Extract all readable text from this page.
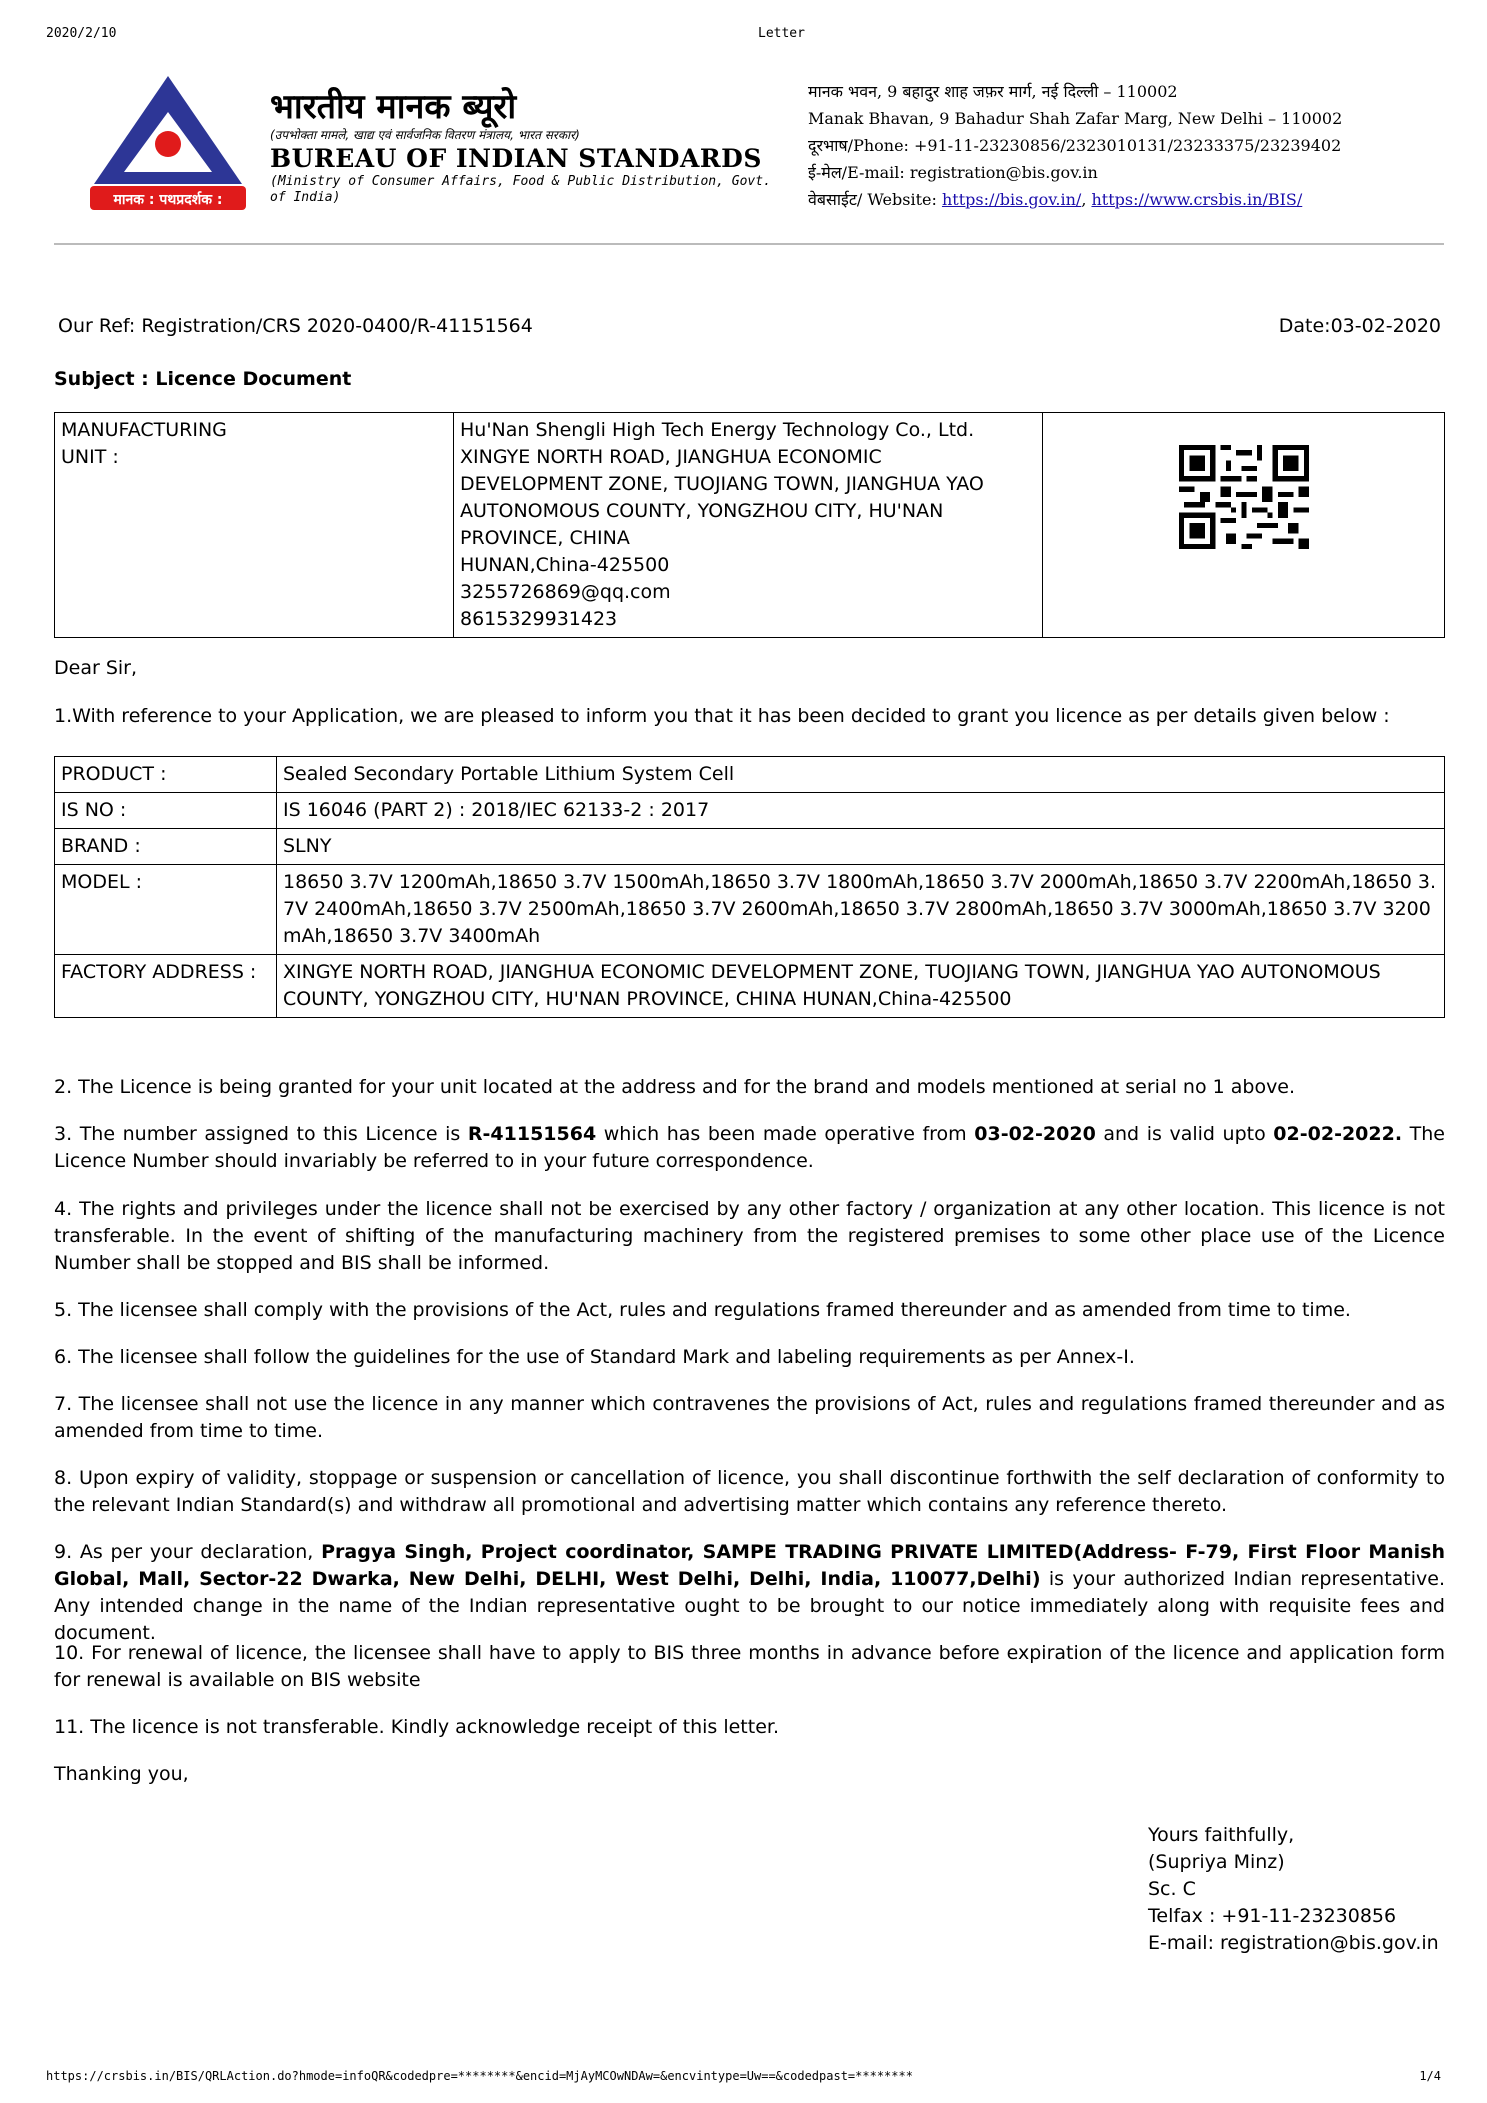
2020/2/10	Letter
मानक : पथप्रदर्शक :
भारतीय मानक ब्यूरो
(उपभोक्ता मामले, खाद्य एवं सार्वजनिक वितरण मंत्रालय, भारत सरकार)
BUREAU OF INDIAN STANDARDS
(Ministry of Consumer Affairs, Food & Public Distribution, Govt. of India)
मानक भवन, 9 बहादुर शाह जफ़र मार्ग, नई दिल्ली – 110002
Manak Bhavan, 9 Bahadur Shah Zafar Marg, New Delhi – 110002
दूरभाष/Phone: +91-11-23230856/2323010131/23233375/23239402
ई-मेल/E-mail: registration@bis.gov.in
वेबसाईट/ Website: https://bis.gov.in/, https://www.crsbis.in/BIS/
Our Ref: Registration/CRS 2020-0400/R-41151564	Date:03-02-2020
Subject : Licence Document
MANUFACTURING UNIT :

Hu'Nan Shengli High Tech Energy Technology Co., Ltd.
XINGYE NORTH ROAD, JIANGHUA ECONOMIC
DEVELOPMENT ZONE, TUOJIANG TOWN, JIANGHUA YAO
AUTONOMOUS COUNTY, YONGZHOU CITY, HU'NAN
PROVINCE, CHINA
HUNAN,China-425500
3255726869@qq.com
8615329931423

Dear Sir,
1.With reference to your Application, we are pleased to inform you that it has been decided to grant you licence as per details given below :
PRODUCT :	Sealed Secondary Portable Lithium System Cell
IS NO :	IS 16046 (PART 2) : 2018/IEC 62133-2 : 2017
BRAND :	SLNY
MODEL :	18650 3.7V 1200mAh,18650 3.7V 1500mAh,18650 3.7V 1800mAh,18650 3.7V 2000mAh,18650 3.7V 2200mAh,18650 3.7V 2400mAh,18650 3.7V 2500mAh,18650 3.7V 2600mAh,18650 3.7V 2800mAh,18650 3.7V 3000mAh,18650 3.7V 3200mAh,18650 3.7V 3400mAh
FACTORY ADDRESS :	XINGYE NORTH ROAD, JIANGHUA ECONOMIC DEVELOPMENT ZONE, TUOJIANG TOWN, JIANGHUA YAO AUTONOMOUS COUNTY, YONGZHOU CITY, HU'NAN PROVINCE, CHINA HUNAN,China-425500
2. The Licence is being granted for your unit located at the address and for the brand and models mentioned at serial no 1 above.
3. The number assigned to this Licence is R-41151564 which has been made operative from 03-02-2020 and is valid upto 02-02-2022. The Licence Number should invariably be referred to in your future correspondence.
4. The rights and privileges under the licence shall not be exercised by any other factory / organization at any other location. This licence is not transferable. In the event of shifting of the manufacturing machinery from the registered premises to some other place use of the Licence Number shall be stopped and BIS shall be informed.
5. The licensee shall comply with the provisions of the Act, rules and regulations framed thereunder and as amended from time to time.
6. The licensee shall follow the guidelines for the use of Standard Mark and labeling requirements as per Annex-I.
7. The licensee shall not use the licence in any manner which contravenes the provisions of Act, rules and regulations framed thereunder and as amended from time to time.
8. Upon expiry of validity, stoppage or suspension or cancellation of licence, you shall discontinue forthwith the self declaration of conformity to the relevant Indian Standard(s) and withdraw all promotional and advertising matter which contains any reference thereto.
9. As per your declaration, Pragya Singh, Project coordinator, SAMPE TRADING PRIVATE LIMITED(Address- F-79, First Floor Manish Global, Mall, Sector-22 Dwarka, New Delhi, DELHI, West Delhi, Delhi, India, 110077,Delhi) is your authorized Indian representative. Any intended change in the name of the Indian representative ought to be brought to our notice immediately along with requisite fees and document.
10. For renewal of licence, the licensee shall have to apply to BIS three months in advance before expiration of the licence and application form for renewal is available on BIS website
11. The licence is not transferable. Kindly acknowledge receipt of this letter.
Thanking you,
Yours faithfully,
(Supriya Minz)
Sc. C
Telfax : +91-11-23230856
E-mail: registration@bis.gov.in
https://crsbis.in/BIS/QRLAction.do?hmode=infoQR&codedpre=********&encid=MjAyMCOwNDAw=&encvintype=Uw==&codedpast=********	1/4
